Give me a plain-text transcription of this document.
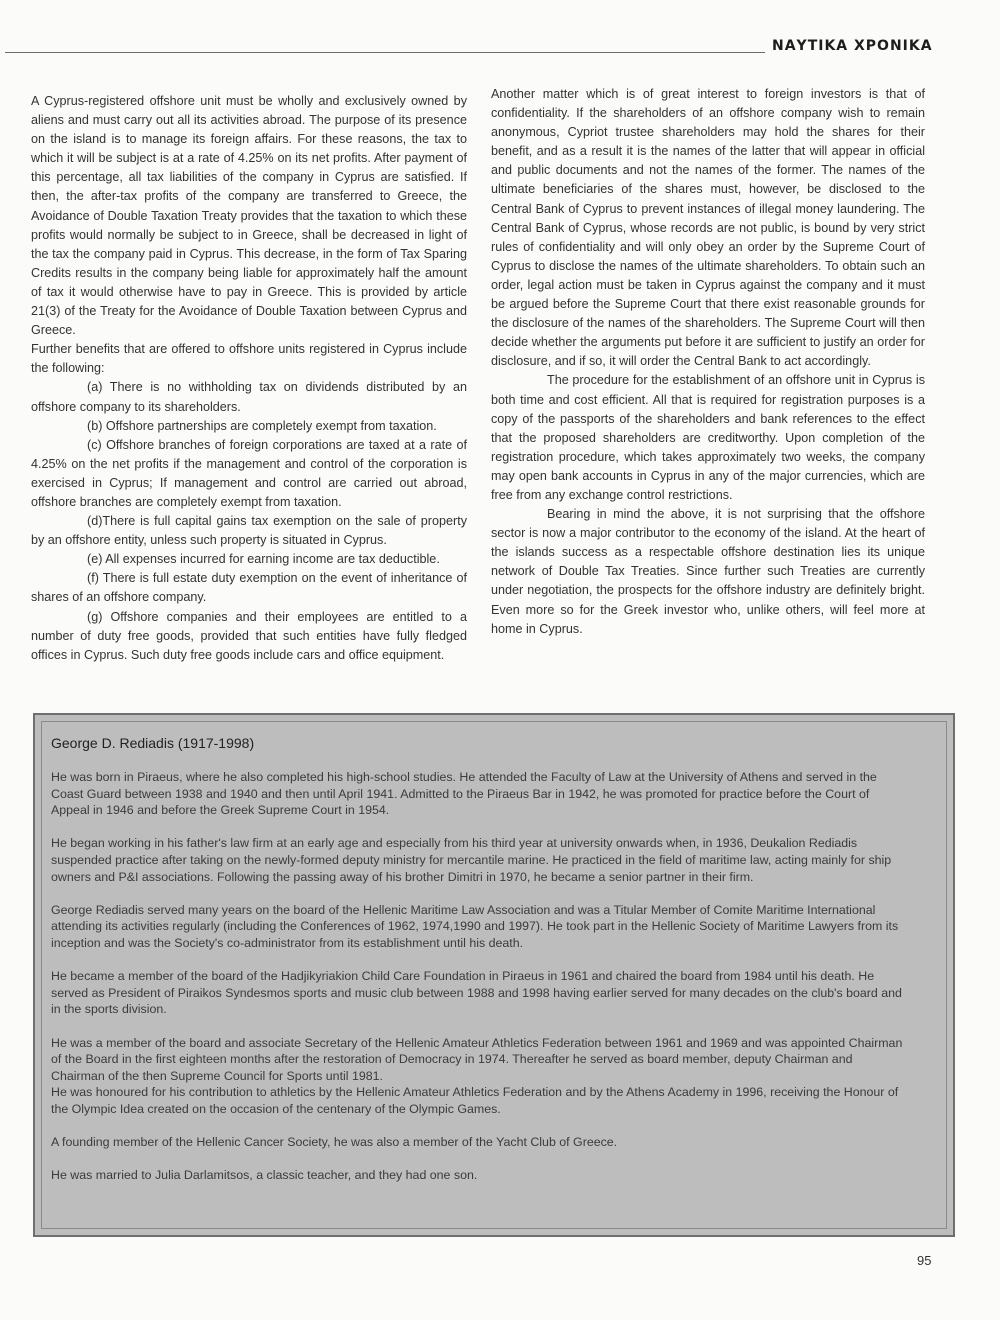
ΝΑΥΤΙΚΑ ΧΡΟΝΙΚΑ

A Cyprus-registered offshore unit must be wholly and exclusively owned by aliens and must carry out all its activities abroad. The purpose of its presence on the island is to manage its foreign affairs. For these reasons, the tax to which it will be subject is at a rate of 4.25% on its net profits. After payment of this percentage, all tax liabilities of the company in Cyprus are satisfied. If then, the after-tax profits of the company are transferred to Greece, the Avoidance of Double Taxation Treaty provides that the taxation to which these profits would normally be subject to in Greece, shall be decreased in light of the tax the company paid in Cyprus. This decrease, in the form of Tax Sparing Credits results in the company being liable for approximately half the amount of tax it would otherwise have to pay in Greece. This is provided by article 21(3) of the Treaty for the Avoidance of Double Taxation between Cyprus and Greece.

Further benefits that are offered to offshore units registered in Cyprus include the following:

(a) There is no withholding tax on dividends distributed by an offshore company to its shareholders.

(b) Offshore partnerships are completely exempt from taxation.

(c) Offshore branches of foreign corporations are taxed at a rate of 4.25% on the net profits if the management and control of the corporation is exercised in Cyprus; If management and control are carried out abroad, offshore branches are completely exempt from taxation.

(d)There is full capital gains tax exemption on the sale of property by an offshore entity, unless such property is situated in Cyprus.

(e) All expenses incurred for earning income are tax deductible.

(f) There is full estate duty exemption on the event of inheritance of shares of an offshore company.

(g) Offshore companies and their employees are entitled to a number of duty free goods, provided that such entities have fully fledged offices in Cyprus. Such duty free goods include cars and office equipment.

Another matter which is of great interest to foreign investors is that of confidentiality. If the shareholders of an offshore company wish to remain anonymous, Cypriot trustee shareholders may hold the shares for their benefit, and as a result it is the names of the latter that will appear in official and public documents and not the names of the former. The names of the ultimate beneficiaries of the shares must, however, be disclosed to the Central Bank of Cyprus to prevent instances of illegal money laundering. The Central Bank of Cyprus, whose records are not public, is bound by very strict rules of confidentiality and will only obey an order by the Supreme Court of Cyprus to disclose the names of the ultimate shareholders. To obtain such an order, legal action must be taken in Cyprus against the company and it must be argued before the Supreme Court that there exist reasonable grounds for the disclosure of the names of the shareholders. The Supreme Court will then decide whether the arguments put before it are sufficient to justify an order for disclosure, and if so, it will order the Central Bank to act accordingly.

The procedure for the establishment of an offshore unit in Cyprus is both time and cost efficient. All that is required for registration purposes is a copy of the passports of the shareholders and bank references to the effect that the proposed shareholders are creditworthy. Upon completion of the registration procedure, which takes approximately two weeks, the company may open bank accounts in Cyprus in any of the major currencies, which are free from any exchange control restrictions.

Bearing in mind the above, it is not surprising that the offshore sector is now a major contributor to the economy of the island. At the heart of the islands success as a respectable offshore destination lies its unique network of Double Tax Treaties. Since further such Treaties are currently under negotiation, the prospects for the offshore industry are definitely bright. Even more so for the Greek investor who, unlike others, will feel more at home in Cyprus.

George D. Rediadis (1917-1998)

He was born in Piraeus, where he also completed his high-school studies. He attended the Faculty of Law at the University of Athens and served in the Coast Guard between 1938 and 1940 and then until April 1941. Admitted to the Piraeus Bar in 1942, he was promoted for practice before the Court of Appeal in 1946 and before the Greek Supreme Court in 1954.

He began working in his father's law firm at an early age and especially from his third year at university onwards when, in 1936, Deukalion Rediadis suspended practice after taking on the newly-formed deputy ministry for mercantile marine. He practiced in the field of maritime law, acting mainly for ship owners and P&I associations. Following the passing away of his brother Dimitri in 1970, he became a senior partner in their firm.

George Rediadis served many years on the board of the Hellenic Maritime Law Association and was a Titular Member of Comite Maritime International attending its activities regularly (including the Conferences of 1962, 1974,1990 and 1997). He took part in the Hellenic Society of Maritime Lawyers from its inception and was the Society's co-administrator from its establishment until his death.

He became a member of the board of the Hadjikyriakion Child Care Foundation in Piraeus in 1961 and chaired the board from 1984 until his death. He served as President of Piraikos Syndesmos sports and music club between 1988 and 1998 having earlier served for many decades on the club's board and in the sports division.

He was a member of the board and associate Secretary of the Hellenic Amateur Athletics Federation between 1961 and 1969 and was appointed Chairman of the Board in the first eighteen months after the restoration of Democracy in 1974. Thereafter he served as board member, deputy Chairman and Chairman of the then Supreme Council for Sports until 1981.

He was honoured for his contribution to athletics by the Hellenic Amateur Athletics Federation and by the Athens Academy in 1996, receiving the Honour of the Olympic Idea created on the occasion of the centenary of the Olympic Games.

A founding member of the Hellenic Cancer Society, he was also a member of the Yacht Club of Greece.

He was married to Julia Darlamitsos, a classic teacher, and they had one son.

95
